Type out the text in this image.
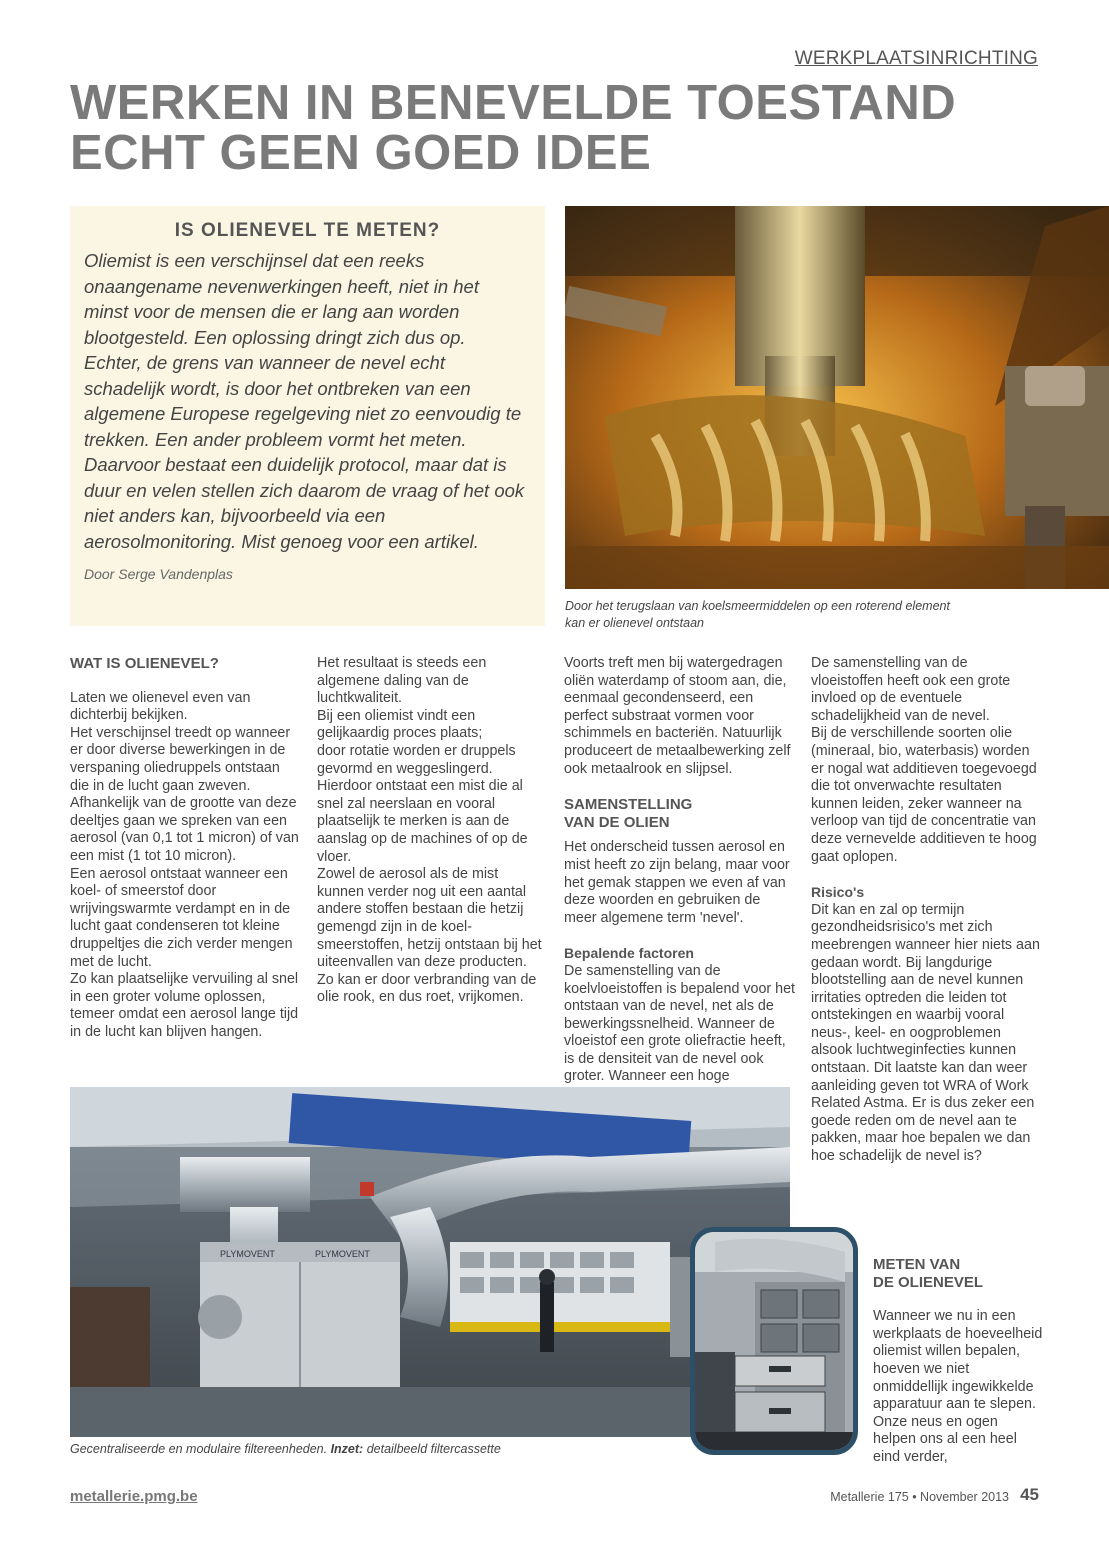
WERKPLAATSINRICHTING
WERKEN IN BENEVELDE TOESTAND
ECHT GEEN GOED IDEE
IS OLIENEVEL TE METEN?

Oliemist is een verschijnsel dat een reeks onaangename nevenwerkingen heeft, niet in het minst voor de mensen die er lang aan worden blootgesteld. Een oplossing dringt zich dus op. Echter, de grens van wanneer de nevel echt schadelijk wordt, is door het ontbreken van een algemene Europese regelgeving niet zo eenvoudig te trekken. Een ander probleem vormt het meten. Daarvoor bestaat een duidelijk protocol, maar dat is duur en velen stellen zich daarom de vraag of het ook niet anders kan, bijvoorbeeld via een aerosolmonitoring. Mist genoeg voor een artikel.

Door Serge Vandenplas
Door het terugslaan van koelsmeermiddelen op een roterend element kan er olienevel ontstaan
WAT IS OLIENEVEL?

Laten we olienevel even van dichterbij bekijken.

Het verschijnsel treedt op wanneer er door diverse bewerkingen in de verspaning oliedruppels ontstaan die in de lucht gaan zweven.

Afhankelijk van de grootte van deze deeltjes gaan we spreken van een aerosol (van 0,1 tot 1 micron) of van een mist (1 tot 10 micron).

Een aerosol ontstaat wanneer een koel- of smeerstof door wrijvingswarmte verdampt en in de lucht gaat condenseren tot kleine druppeltjes die zich verder mengen met de lucht.

Zo kan plaatselijke vervuiling al snel in een groter volume oplossen, temeer omdat een aerosol lange tijd in de lucht kan blijven hangen.

Het resultaat is steeds een algemene daling van de luchtkwaliteit.

Bij een oliemist vindt een gelijkaardig proces plaats;

door rotatie worden er druppels gevormd en weggeslingerd.

Hierdoor ontstaat een mist die al snel zal neerslaan en vooral plaatselijk te merken is aan de aanslag op de machines of op de vloer.

Zowel de aerosol als de mist kunnen verder nog uit een aantal andere stoffen bestaan die hetzij gemengd zijn in de koel-smeerstoffen, hetzij ontstaan bij het uiteenvallen van deze producten.

Zo kan er door verbranding van de olie rook, en dus roet, vrijkomen.

Voorts treft men bij watergedragen oliën waterdamp of stoom aan, die, eenmaal gecondenseerd, een perfect substraat vormen voor schimmels en bacteriën. Natuurlijk produceert de metaalbewerking zelf ook metaalrook en slijpsel.

SAMENSTELLING
VAN DE OLIEN

Het onderscheid tussen aerosol en mist heeft zo zijn belang, maar voor het gemak stappen we even af van deze woorden en gebruiken de meer algemene term 'nevel'.

Bepalende factoren

De samenstelling van de koelvloeistoffen is bepalend voor het ontstaan van de nevel, net als de bewerkingssnelheid. Wanneer de vloeistof een grote oliefractie heeft, is de densiteit van de nevel ook groter. Wanneer een hoge

De samenstelling van de vloeistoffen heeft ook een grote invloed op de eventuele schadelijkheid van de nevel.

Bij de verschillende soorten olie (mineraal, bio, waterbasis) worden er nogal wat additieven toegevoegd die tot onverwachte resultaten kunnen leiden, zeker wanneer na verloop van tijd de concentratie van deze vernevelde additieven te hoog gaat oplopen.

Risico's

Dit kan en zal op termijn gezondheidsrisico's met zich meebrengen wanneer hier niets aan gedaan wordt. Bij langdurige blootstelling aan de nevel kunnen irritaties optreden die leiden tot ontstekingen en waarbij vooral neus-, keel- en oogproblemen alsook luchtweginfecties kunnen ontstaan. Dit laatste kan dan weer aanleiding geven tot WRA of Work Related Astma. Er is dus zeker een goede reden om de nevel aan te pakken, maar hoe bepalen we dan hoe schadelijk de nevel is?

METEN VAN
DE OLIENEVEL

Wanneer we nu in een werkplaats de hoeveelheid oliemist willen bepalen, hoeven we niet onmiddellijk ingewikkelde apparatuur aan te slepen. Onze neus en ogen helpen ons al een heel eind verder,

PLYMOVENT	PLYMOVENT
Gecentraliseerde en modulaire filtereenheden. Inzet: detailbeeld filtercassette
metallerie.pmg.be	Metallerie 175 • November 2013 45
